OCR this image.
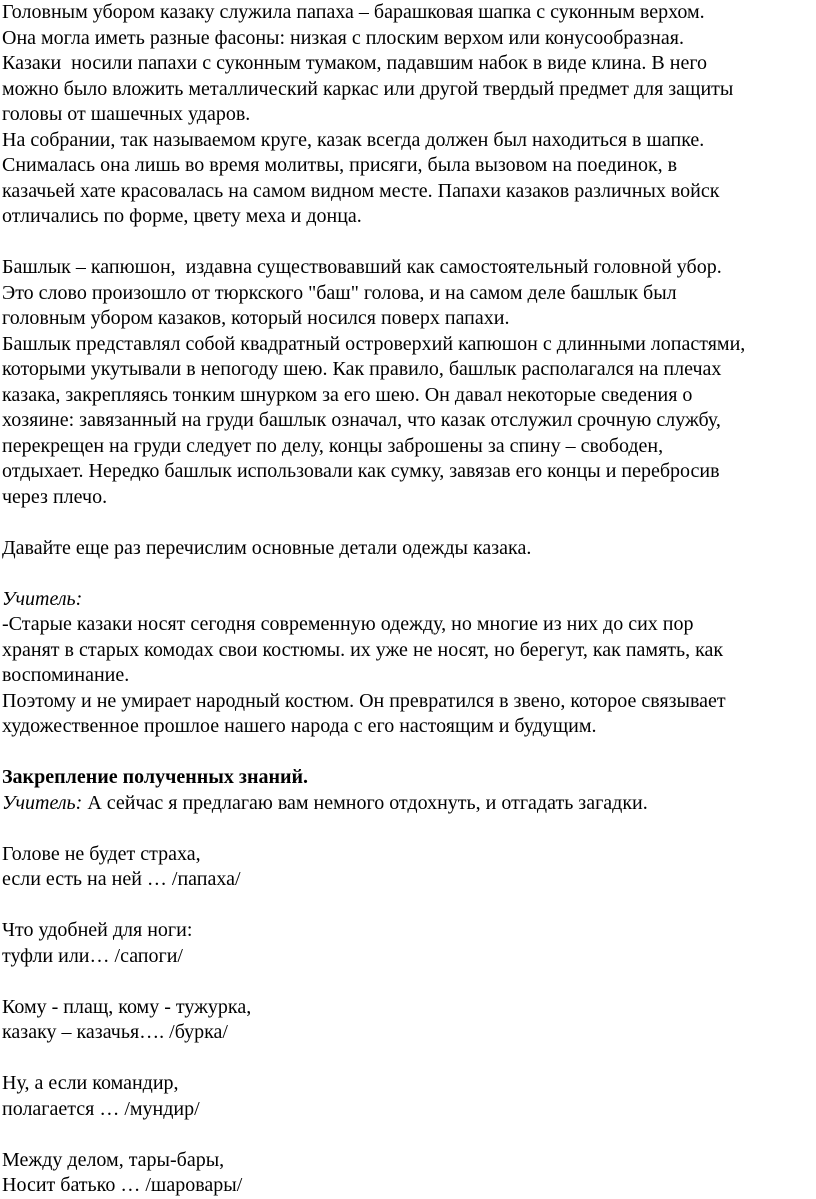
Головным убором казаку служила папаха – барашковая шапка с суконным верхом.
Она могла иметь разные фасоны: низкая с плоским верхом или конусообразная.
Казаки  носили папахи с суконным тумаком, падавшим набок в виде клина. В него
можно было вложить металлический каркас или другой твердый предмет для защиты
головы от шашечных ударов.
На собрании, так называемом круге, казак всегда должен был находиться в шапке.
Снималась она лишь во время молитвы, присяги, была вызовом на поединок, в
казачьей хате красовалась на самом видном месте. Папахи казаков различных войск
отличались по форме, цвету меха и донца.
Башлык – капюшон,  издавна существовавший как самостоятельный головной убор.
Это слово произошло от тюркского "баш" голова, и на самом деле башлык был
головным убором казаков, который носился поверх папахи.
Башлык представлял собой квадратный островерхий капюшон с длинными лопастями,
которыми укутывали в непогоду шею. Как правило, башлык располагался на плечах
казака, закрепляясь тонким шнурком за его шею. Он давал некоторые сведения о
хозяине: завязанный на груди башлык означал, что казак отслужил срочную службу,
перекрещен на груди следует по делу, концы заброшены за спину – свободен,
отдыхает. Нередко башлык использовали как сумку, завязав его концы и перебросив
через плечо.
Давайте еще раз перечислим основные детали одежды казака.
Учитель:
-Старые казаки носят сегодня современную одежду, но многие из них до сих пор
хранят в старых комодах свои костюмы. их уже не носят, но берегут, как память, как
воспоминание.
Поэтому и не умирает народный костюм. Он превратился в звено, которое связывает
художественное прошлое нашего народа с его настоящим и будущим.
Закрепление полученных знаний.
Учитель: А сейчас я предлагаю вам немного отдохнуть, и отгадать загадки.
Голове не будет страха,
если есть на ней … /папаха/
Что удобней для ноги:
туфли или… /сапоги/
Кому - плащ, кому - тужурка,
казаку – казачья…. /бурка/
Ну, а если командир,
полагается … /мундир/
Между делом, тары-бары,
Носит батько … /шаровары/
